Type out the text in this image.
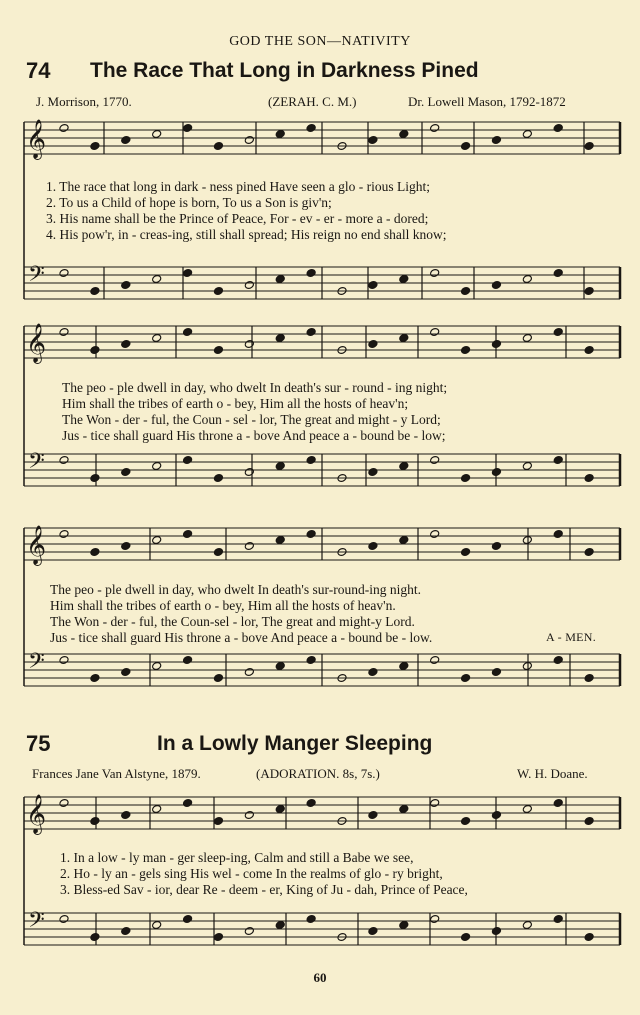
GOD THE SON—NATIVITY
74 The Race That Long in Darkness Pined
J. Morrison, 1770.	(ZERAH. C. M.)	Dr. Lowell Mason, 1792-1872
1. The race that long in dark - ness pined Have seen a glo - rious Light;
2. To us a Child of hope is born, To us a Son is giv'n;
3. His name shall be the Prince of Peace, For - ev - er - more a - dored;
4. His pow'r, in - creas-ing, still shall spread; His reign no end shall know;
The peo - ple dwell in day, who dwelt In death's sur - round - ing night;
Him shall the tribes of earth o - bey, Him all the hosts of heav'n;
The Won - der - ful, the Coun - sel - lor, The great and might - y Lord;
Jus - tice shall guard His throne a - bove And peace a - bound be - low;
The peo - ple dwell in day, who dwelt In death's sur-round-ing night.
Him shall the tribes of earth o - bey, Him all the hosts of heav'n.
The Won - der - ful, the Coun-sel - lor, The great and might-y Lord.
Jus - tice shall guard His throne a - bove And peace a - bound be - low.	A - MEN.
75	In a Lowly Manger Sleeping
Frances Jane Van Alstyne, 1879.	(ADORATION. 8s, 7s.)	W. H. Doane.
1. In a low - ly man - ger sleep-ing, Calm and still a Babe we see,
2. Ho - ly an - gels sing His wel - come In the realms of glo - ry bright,
3. Bless-ed Sav - ior, dear Re - deem - er, King of Ju - dah, Prince of Peace,
60
𝄞
𝄢
𝄞
𝄢
𝄞
𝄢
𝄞
𝄢
